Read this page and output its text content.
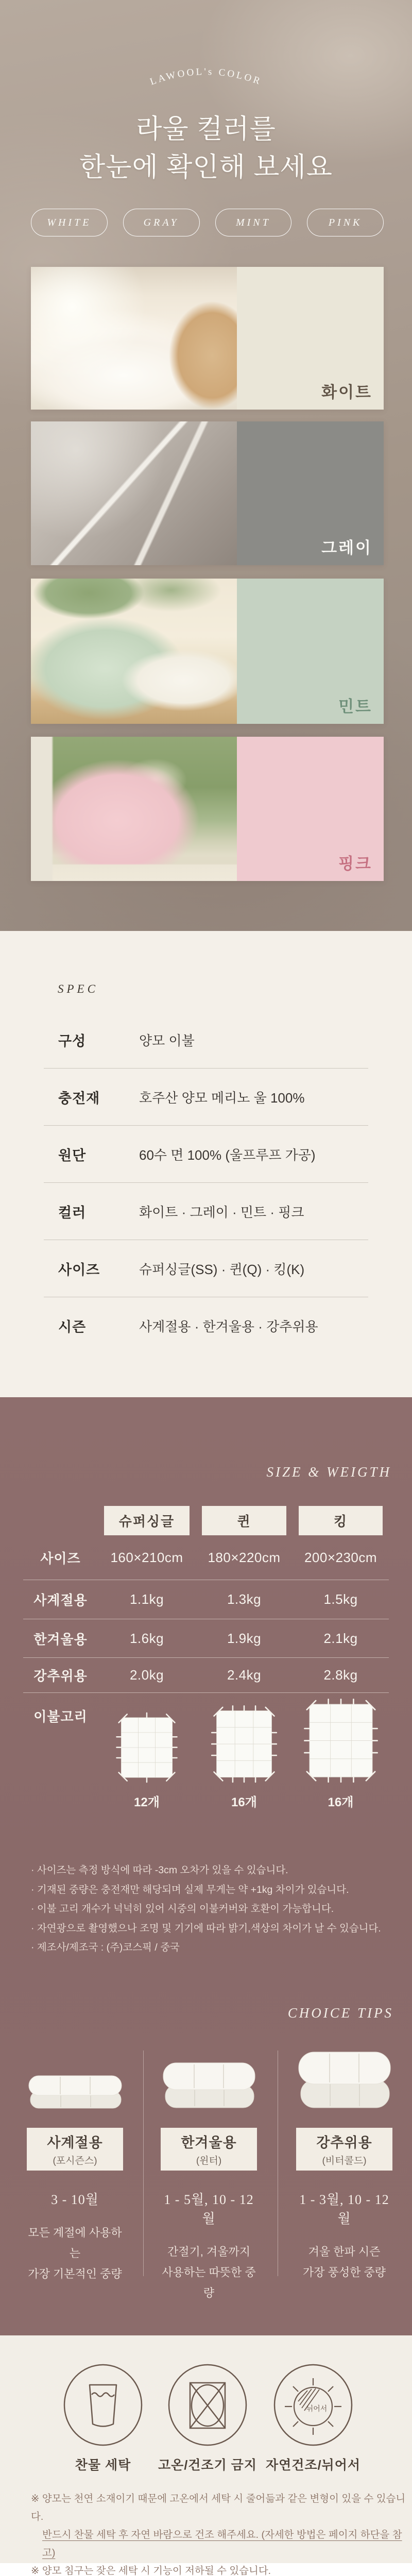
LAWOOL's COLOR
라울 컬러를
한눈에 확인해 보세요
WHITE	GRAY	MINT	PINK
화이트
그레이
민트
핑크
SPEC
구성	양모 이불
충전재	호주산 양모 메리노 울 100%
원단	60수 면 100% (울프루프 가공)
컬러	화이트 · 그레이 · 민트 · 핑크
사이즈	슈퍼싱글(SS) · 퀸(Q) · 킹(K)
시즌	사계절용 · 한겨울용 · 강추위용
SIZE & WEIGTH
슈퍼싱글	퀸	킹
사이즈	160×210cm	180×220cm	200×230cm
사계절용	1.1kg	1.3kg	1.5kg
한겨울용	1.6kg	1.9kg	2.1kg
강추위용	2.0kg	2.4kg	2.8kg
이불고리
12개	16개	16개
· 사이즈는 측정 방식에 따라 -3cm 오차가 있을 수 있습니다.
· 기재된 중량은 충전재만 해당되며 실제 무게는 약 +1kg 차이가 있습니다.
· 이불 고리 개수가 넉넉히 있어 시중의 이불커버와 호환이 가능합니다.
· 자연광으로 촬영했으나 조명 및 기기에 따라 밝기,색상의 차이가 날 수 있습니다.
· 제조사/제조국 : (주)코스픽 / 중국
CHOICE TIPS
사계절용
(포시즌스)
3 - 10월
모든 계절에 사용하는
가장 기본적인 중량
한겨울용
(윈터)
1 - 5월, 10 - 12월
간절기, 겨울까지
사용하는 따뜻한 중량
강추위용
(비터콜드)
1 - 3월, 10 - 12월
겨울 한파 시즌
가장 풍성한 중량
뉘어서
찬물 세탁 고온/건조기 금지 자연건조/뉘어서
※ 양모는 천연 소재이기 때문에 고온에서 세탁 시 줄어듦과 같은 변형이 있을 수 있습니다.
반드시 찬물 세탁 후 자연 바람으로 건조 해주세요. (자세한 방법은 페이지 하단을 참고)
※ 양모 침구는 잦은 세탁 시 기능이 저하될 수 있습니다.
